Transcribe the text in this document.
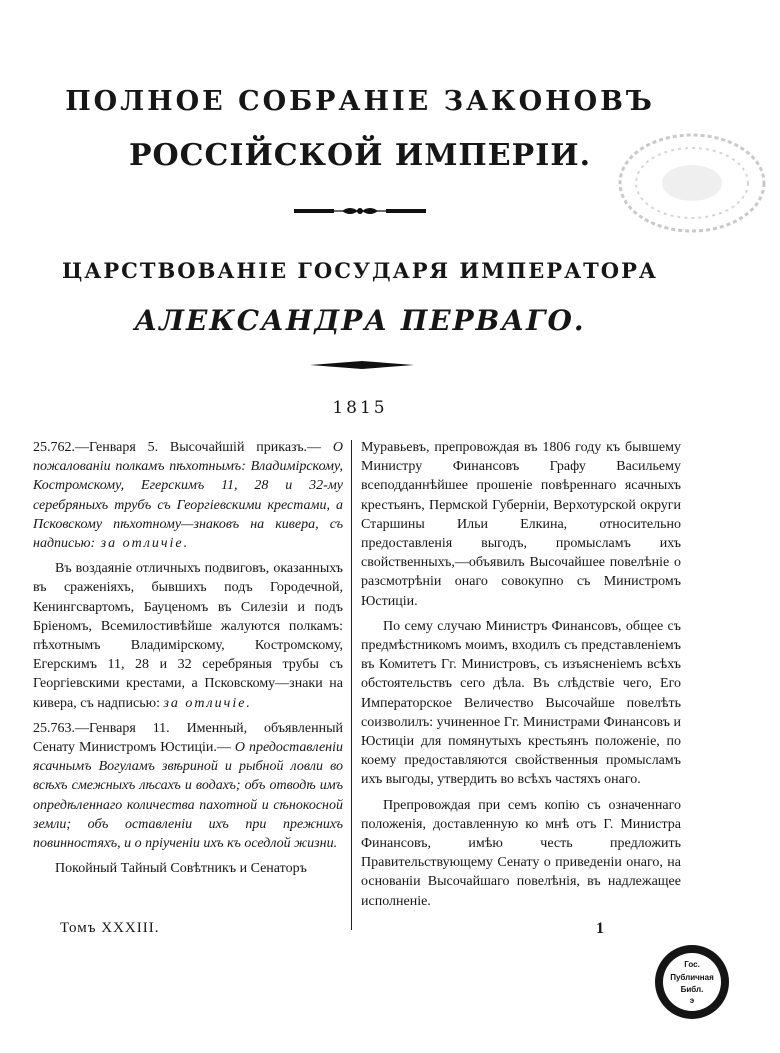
ПОЛНОЕ СОБРАНІЕ ЗАКОНОВЪ
РОССІЙСКОЙ ИМПЕРІИ.
ЦАРСТВОВАНІЕ ГОСУДАРЯ ИМПЕРАТОРА
АЛЕКСАНДРА ПЕРВАГО.
1815

25.762.—Генваря 5. Высочайшій приказъ.— О пожалованіи полкамъ пѣхотнымъ: Владимірскому, Костромскому, Егерскимъ 11, 28 и 32-му серебряныхъ трубъ съ Георгіевскими крестами, а Псковскому пѣхотному—знаковъ на кивера, съ надписью: за отличіе.

Въ воздаяніе отличныхъ подвиговъ, оказанныхъ въ сраженіяхъ, бывшихъ подъ Городечной, Кенингсвартомъ, Бауценомъ въ Силезіи и подъ Бріеномъ, Всемилостивѣйше жалуются полкамъ: пѣхотнымъ Владимірскому, Костромскому, Егерскимъ 11, 28 и 32 серебряныя трубы съ Георгіевскими крестами, а Псковскому—знаки на кивера, съ надписью: за отличіе.

25.763.—Генваря 11. Именный, объявленный Сенату Министромъ Юстиціи.— О предоставленіи ясачнымъ Вогуламъ звѣриной и рыбной ловли во всѣхъ смежныхъ лѣсахъ и водахъ; объ отводѣ имъ опредѣленнаго количества пахотной и сѣнокосной земли; объ оставленіи ихъ при прежнихъ повинностяхъ, и о пріученіи ихъ къ оседлой жизни.

Покойный Тайный Совѣтникъ и Сенаторъ

Муравьевъ, препровождая въ 1806 году къ бывшему Министру Финансовъ Графу Васильему всеподданнѣйшее прошеніе повѣреннаго ясачныхъ крестьянъ, Пермской Губерніи, Верхотурской округи Старшины Ильи Елкина, относительно предоставленія выгодъ, промысламъ ихъ свойственныхъ,—объявилъ Высочайшее повелѣніе о разсмотрѣніи онаго совокупно съ Министромъ Юстиціи.

По сему случаю Министръ Финансовъ, общее съ предмѣстникомъ моимъ, входилъ съ представленіемъ въ Комитетъ Гг. Министровъ, съ изъясненіемъ всѣхъ обстоятельствъ сего дѣла. Въ слѣдствіе чего, Его Императорское Величество Высочайше повелѣть соизволилъ: учиненное Гг. Министрами Финансовъ и Юстиціи для помянутыхъ крестьянъ положеніе, по коему предоставляются свойственныя промысламъ ихъ выгоды, утвердить во всѣхъ частяхъ онаго.

Препровождая при семъ копію съ означеннаго положенія, доставленную ко мнѣ отъ Г. Министра Финансовъ, имѣю честь предложить Правительствующему Сенату о приведеніи онаго, на основаніи Высочайшаго повелѣнія, въ надлежащее исполненіе.

Томъ XXXIII.	1
Гос.
Публичная
Библ.
э
